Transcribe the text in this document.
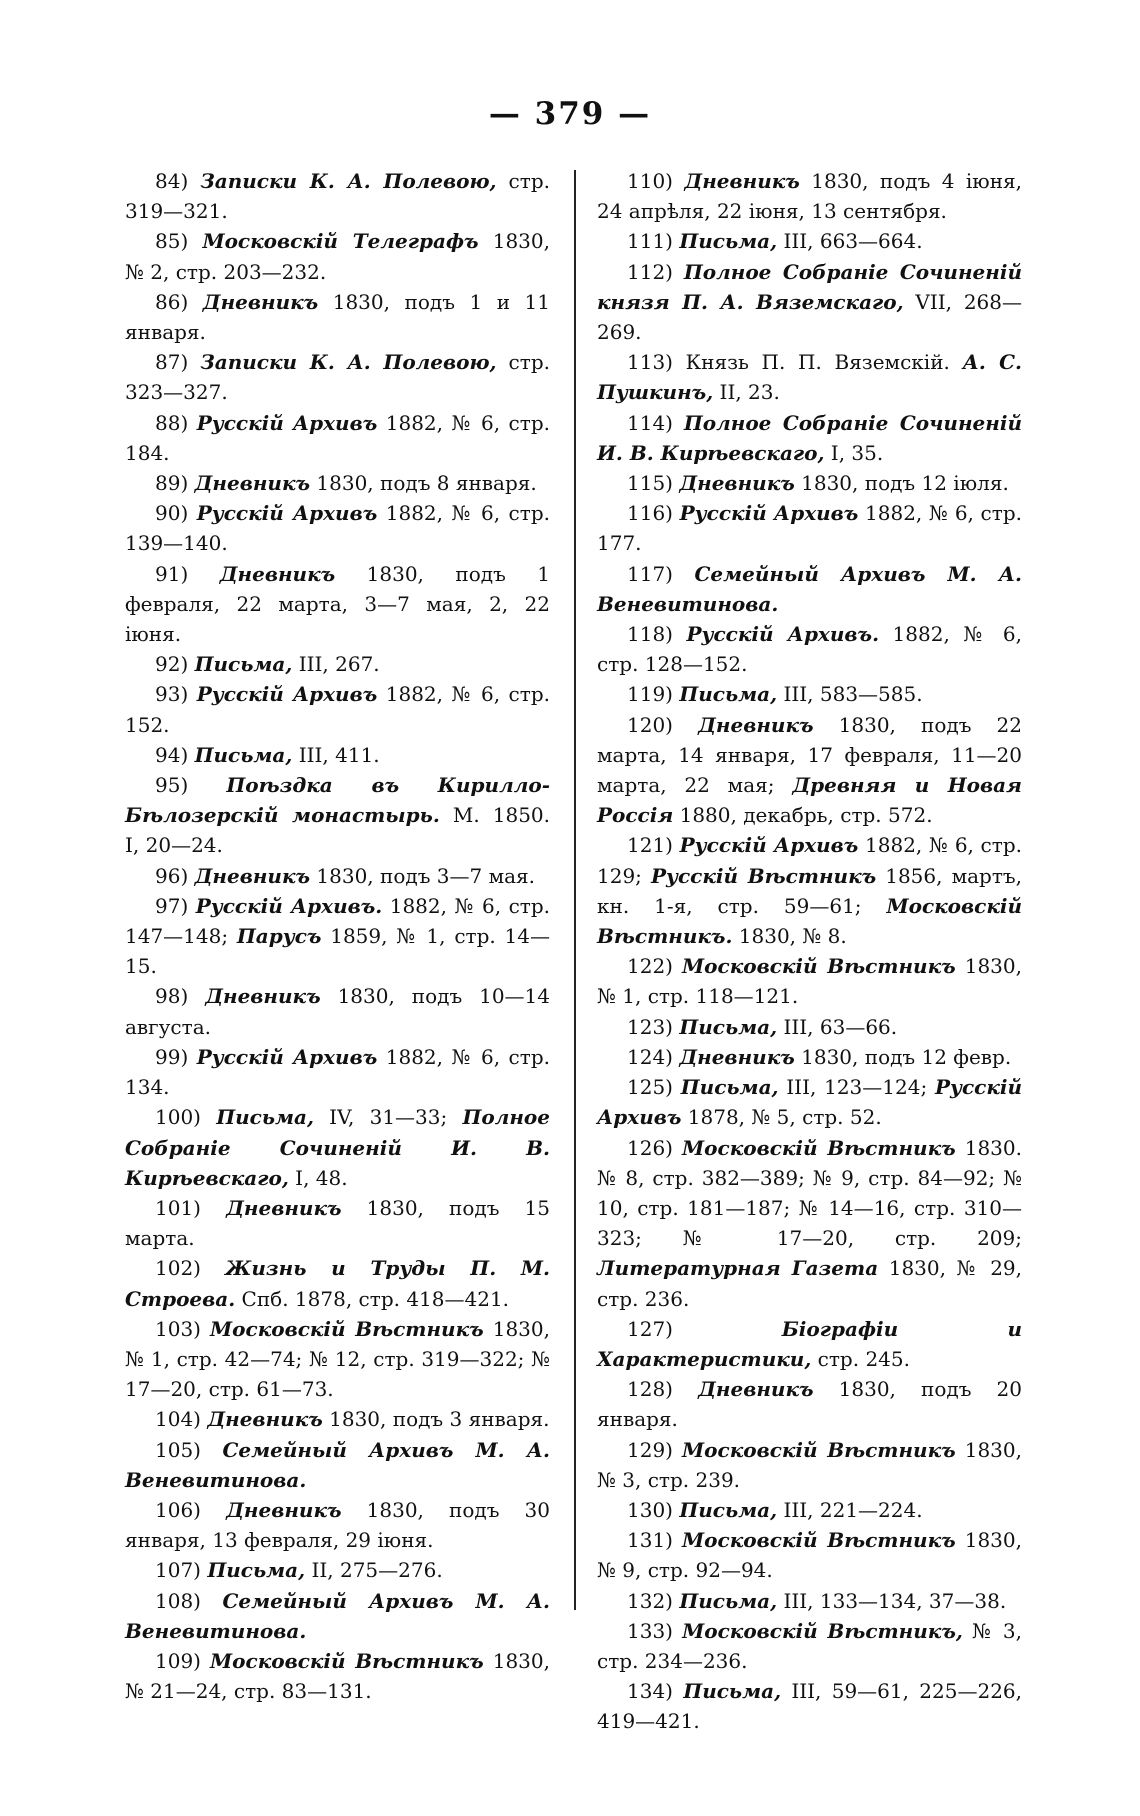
— 379 —

84) Записки К. А. Полевою, стр. 319—321.

85) Московскій Телеграфъ 1830, № 2, стр. 203—232.

86) Дневникъ 1830, подъ 1 и 11 января.

87) Записки К. А. Полевою, стр. 323—327.

88) Русскій Архивъ 1882, № 6, стр. 184.

89) Дневникъ 1830, подъ 8 января.

90) Русскій Архивъ 1882, № 6, стр. 139—140.

91) Дневникъ 1830, подъ 1 февраля, 22 марта, 3—7 мая, 2, 22 іюня.

92) Письма, III, 267.

93) Русскій Архивъ 1882, № 6, стр. 152.

94) Письма, III, 411.

95) Поѣздка въ Кирилло-Бѣлозерскій монастырь. М. 1850. I, 20—24.

96) Дневникъ 1830, подъ 3—7 мая.

97) Русскій Архивъ. 1882, № 6, стр. 147—148; Парусъ 1859, № 1, стр. 14—15.

98) Дневникъ 1830, подъ 10—14 августа.

99) Русскій Архивъ 1882, № 6, стр. 134.

100) Письма, IV, 31—33; Полное Собраніе Сочиненій И. В. Кирѣевскаго, I, 48.

101) Дневникъ 1830, подъ 15 марта.

102) Жизнь и Труды П. М. Строева. Спб. 1878, стр. 418—421.

103) Московскій Вѣстникъ 1830, № 1, стр. 42—74; № 12, стр. 319—322; № 17—20, стр. 61—73.

104) Дневникъ 1830, подъ 3 января.

105) Семейный Архивъ М. А. Веневитинова.

106) Дневникъ 1830, подъ 30 января, 13 февраля, 29 іюня.

107) Письма, II, 275—276.

108) Семейный Архивъ М. А. Веневитинова.

109) Московскій Вѣстникъ 1830, № 21—24, стр. 83—131.

110) Дневникъ 1830, подъ 4 іюня, 24 апрѣля, 22 іюня, 13 сентября.

111) Письма, III, 663—664.

112) Полное Собраніе Сочиненій князя П. А. Вяземскаго, VII, 268—269.

113) Князь П. П. Вяземскій. А. С. Пушкинъ, II, 23.

114) Полное Собраніе Сочиненій И. В. Кирѣевскаго, I, 35.

115) Дневникъ 1830, подъ 12 іюля.

116) Русскій Архивъ 1882, № 6, стр. 177.

117) Семейный Архивъ М. А. Веневитинова.

118) Русскій Архивъ. 1882, № 6, стр. 128—152.

119) Письма, III, 583—585.

120) Дневникъ 1830, подъ 22 марта, 14 января, 17 февраля, 11—20 марта, 22 мая; Древняя и Новая Россія 1880, декабрь, стр. 572.

121) Русскій Архивъ 1882, № 6, стр. 129; Русскій Вѣстникъ 1856, мартъ, кн. 1-я, стр. 59—61; Московскій Вѣстникъ. 1830, № 8.

122) Московскій Вѣстникъ 1830, № 1, стр. 118—121.

123) Письма, III, 63—66.

124) Дневникъ 1830, подъ 12 февр.

125) Письма, III, 123—124; Русскій Архивъ 1878, № 5, стр. 52.

126) Московскій Вѣстникъ 1830. № 8, стр. 382—389; № 9, стр. 84—92; № 10, стр. 181—187; № 14—16, стр. 310—323; № 17—20, стр. 209; Литературная Газета 1830, № 29, стр. 236.

127) Біографіи и Характеристики, стр. 245.

128) Дневникъ 1830, подъ 20 января.

129) Московскій Вѣстникъ 1830, № 3, стр. 239.

130) Письма, III, 221—224.

131) Московскій Вѣстникъ 1830, № 9, стр. 92—94.

132) Письма, III, 133—134, 37—38.

133) Московскій Вѣстникъ, № 3, стр. 234—236.

134) Письма, III, 59—61, 225—226, 419—421.
